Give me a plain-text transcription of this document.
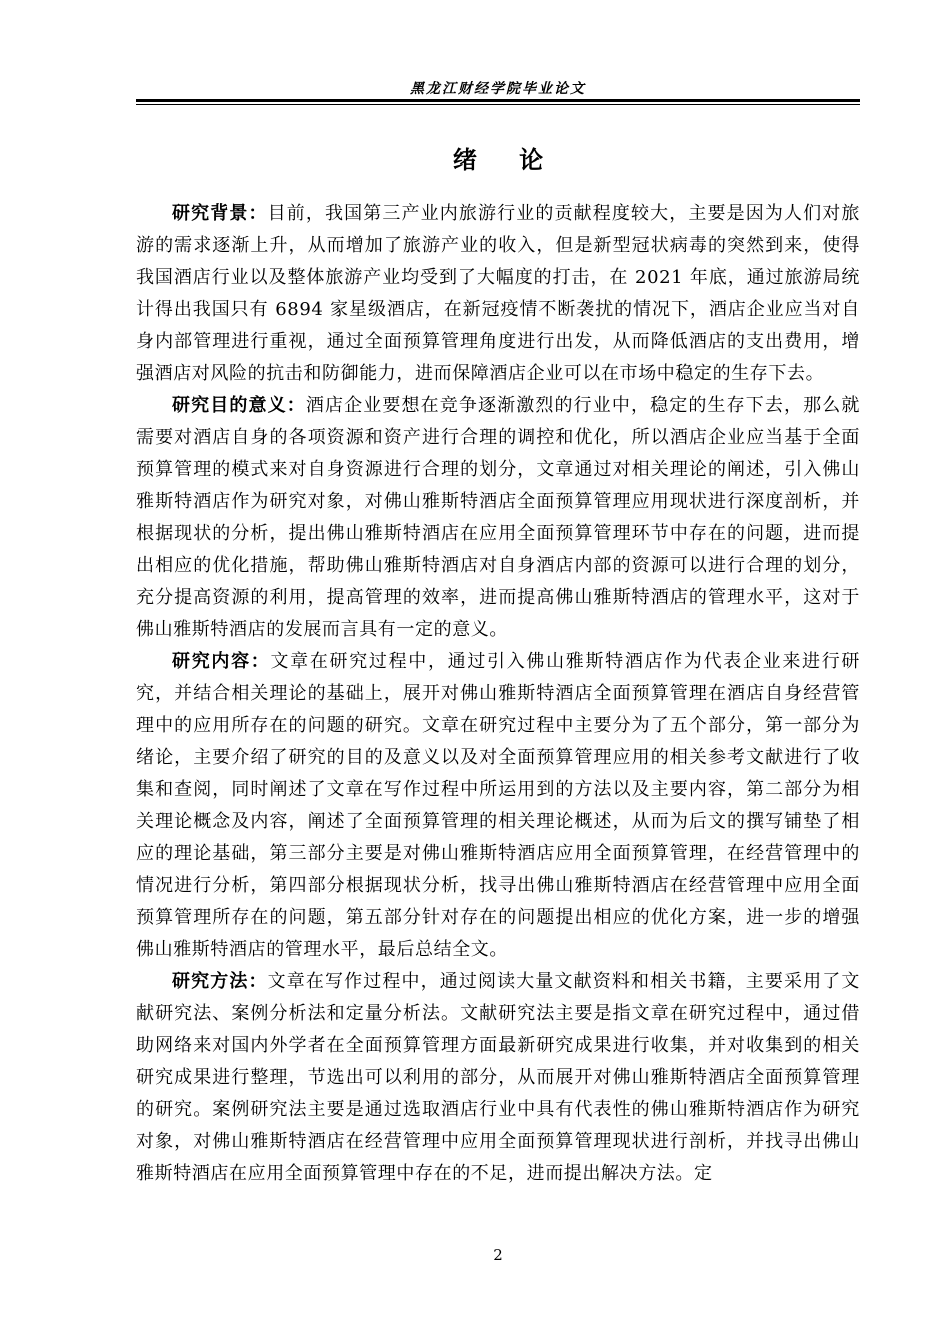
黑龙江财经学院毕业论文
绪 论

研究背景：目前，我国第三产业内旅游行业的贡献程度较大，主要是因为人们对旅游的需求逐渐上升，从而增加了旅游产业的收入，但是新型冠状病毒的突然到来，使得我国酒店行业以及整体旅游产业均受到了大幅度的打击，在 2021 年底，通过旅游局统计得出我国只有 6894 家星级酒店，在新冠疫情不断袭扰的情况下，酒店企业应当对自身内部管理进行重视，通过全面预算管理角度进行出发，从而降低酒店的支出费用，增强酒店对风险的抗击和防御能力，进而保障酒店企业可以在市场中稳定的生存下去。

研究目的意义：酒店企业要想在竞争逐渐激烈的行业中，稳定的生存下去，那么就需要对酒店自身的各项资源和资产进行合理的调控和优化，所以酒店企业应当基于全面预算管理的模式来对自身资源进行合理的划分，文章通过对相关理论的阐述，引入佛山雅斯特酒店作为研究对象，对佛山雅斯特酒店全面预算管理应用现状进行深度剖析，并根据现状的分析，提出佛山雅斯特酒店在应用全面预算管理环节中存在的问题，进而提出相应的优化措施，帮助佛山雅斯特酒店对自身酒店内部的资源可以进行合理的划分，充分提高资源的利用，提高管理的效率，进而提高佛山雅斯特酒店的管理水平，这对于佛山雅斯特酒店的发展而言具有一定的意义。

研究内容：文章在研究过程中，通过引入佛山雅斯特酒店作为代表企业来进行研究，并结合相关理论的基础上，展开对佛山雅斯特酒店全面预算管理在酒店自身经营管理中的应用所存在的问题的研究。文章在研究过程中主要分为了五个部分，第一部分为绪论，主要介绍了研究的目的及意义以及对全面预算管理应用的相关参考文献进行了收集和查阅，同时阐述了文章在写作过程中所运用到的方法以及主要内容，第二部分为相关理论概念及内容，阐述了全面预算管理的相关理论概述，从而为后文的撰写铺垫了相应的理论基础，第三部分主要是对佛山雅斯特酒店应用全面预算管理，在经营管理中的情况进行分析，第四部分根据现状分析，找寻出佛山雅斯特酒店在经营管理中应用全面预算管理所存在的问题，第五部分针对存在的问题提出相应的优化方案，进一步的增强佛山雅斯特酒店的管理水平，最后总结全文。

研究方法：文章在写作过程中，通过阅读大量文献资料和相关书籍，主要采用了文献研究法、案例分析法和定量分析法。文献研究法主要是指文章在研究过程中，通过借助网络来对国内外学者在全面预算管理方面最新研究成果进行收集，并对收集到的相关研究成果进行整理，节选出可以利用的部分，从而展开对佛山雅斯特酒店全面预算管理的研究。案例研究法主要是通过选取酒店行业中具有代表性的佛山雅斯特酒店作为研究对象，对佛山雅斯特酒店在经营管理中应用全面预算管理现状进行剖析，并找寻出佛山雅斯特酒店在应用全面预算管理中存在的不足，进而提出解决方法。定

2
